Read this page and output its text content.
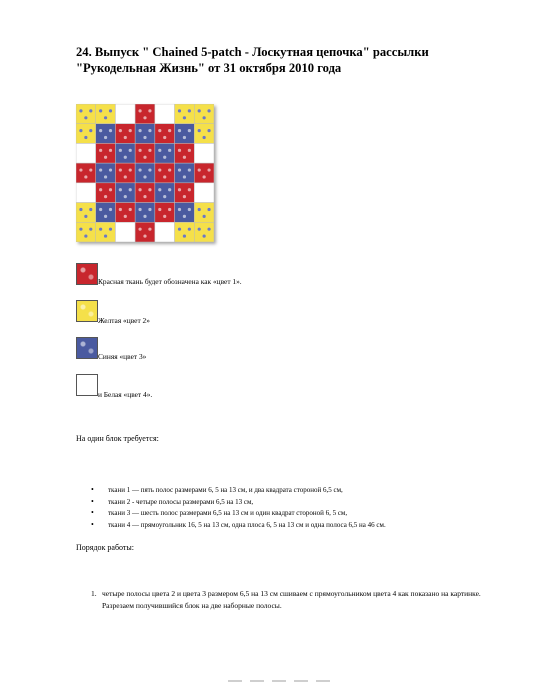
24. Выпуск " Chained 5-patch - Лоскутная цепочка" рассылки
"Рукодельная Жизнь" от 31 октября 2010 года
Красная ткань будет обозначена как «цвет 1».
Желтая «цвет 2»
Синяя «цвет 3»
и Белая «цвет 4».
На один блок требуется:
• ткани 1 — пять полос размерами 6, 5 на 13 см, и два квадрата стороной 6,5 см,
• ткани 2 - четыре полосы размерами 6,5 на 13 см,
• ткани 3 — шесть полос размерами 6,5 на 13 см и один квадрат стороной 6, 5 см,
• ткани 4 — прямоугольник 16, 5 на 13 см, одна плоса 6, 5 на 13 см и одна полоса 6,5 на 46 см.
Порядок работы:
1. четыре полосы цвета 2 и цвета 3 размером 6,5 на 13 см сшиваем с прямоугольником цвета 4 как показано на картинке. Разрезаем получившийся блок на две наборные полосы.
